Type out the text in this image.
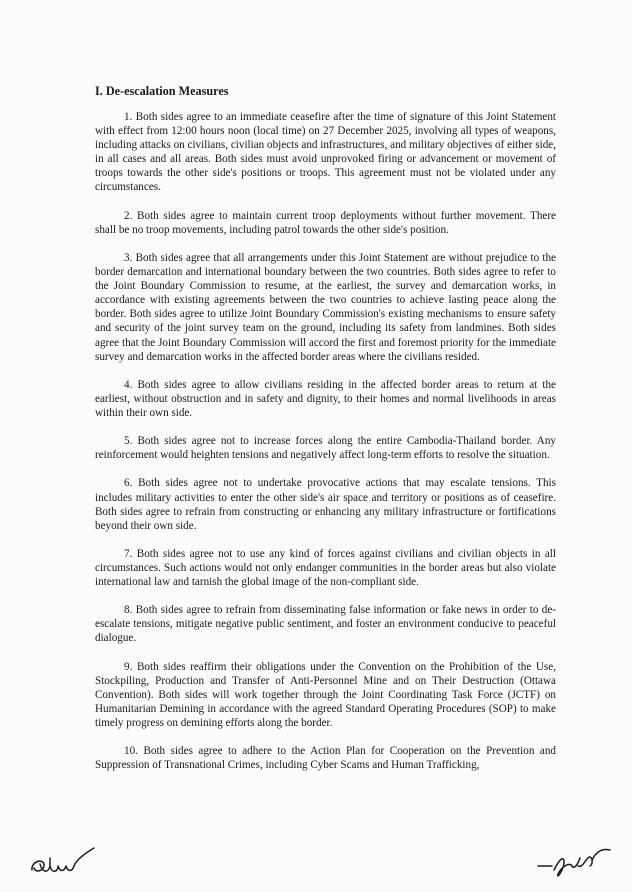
I. De-escalation Measures

1. Both sides agree to an immediate ceasefire after the time of signature of this Joint Statement with effect from 12:00 hours noon (local time) on 27 December 2025, involving all types of weapons, including attacks on civilians, civilian objects and infrastructures, and military objectives of either side, in all cases and all areas. Both sides must avoid unprovoked firing or advancement or movement of troops towards the other side's positions or troops. This agreement must not be violated under any circumstances.

2. Both sides agree to maintain current troop deployments without further movement. There shall be no troop movements, including patrol towards the other side's position.

3. Both sides agree that all arrangements under this Joint Statement are without prejudice to the border demarcation and international boundary between the two countries. Both sides agree to refer to the Joint Boundary Commission to resume, at the earliest, the survey and demarcation works, in accordance with existing agreements between the two countries to achieve lasting peace along the border. Both sides agree to utilize Joint Boundary Commission's existing mechanisms to ensure safety and security of the joint survey team on the ground, including its safety from landmines. Both sides agree that the Joint Boundary Commission will accord the first and foremost priority for the immediate survey and demarcation works in the affected border areas where the civilians resided.

4. Both sides agree to allow civilians residing in the affected border areas to return at the earliest, without obstruction and in safety and dignity, to their homes and normal livelihoods in areas within their own side.

5. Both sides agree not to increase forces along the entire Cambodia-Thailand border. Any reinforcement would heighten tensions and negatively affect long-term efforts to resolve the situation.

6. Both sides agree not to undertake provocative actions that may escalate tensions. This includes military activities to enter the other side's air space and territory or positions as of ceasefire. Both sides agree to refrain from constructing or enhancing any military infrastructure or fortifications beyond their own side.

7. Both sides agree not to use any kind of forces against civilians and civilian objects in all circumstances. Such actions would not only endanger communities in the border areas but also violate international law and tarnish the global image of the non-compliant side.

8. Both sides agree to refrain from disseminating false information or fake news in order to de-escalate tensions, mitigate negative public sentiment, and foster an environment conducive to peaceful dialogue.

9. Both sides reaffirm their obligations under the Convention on the Prohibition of the Use, Stockpiling, Production and Transfer of Anti-Personnel Mine and on Their Destruction (Ottawa Convention). Both sides will work together through the Joint Coordinating Task Force (JCTF) on Humanitarian Demining in accordance with the agreed Standard Operating Procedures (SOP) to make timely progress on demining efforts along the border.

10. Both sides agree to adhere to the Action Plan for Cooperation on the Prevention and Suppression of Transnational Crimes, including Cyber Scams and Human Trafficking,
